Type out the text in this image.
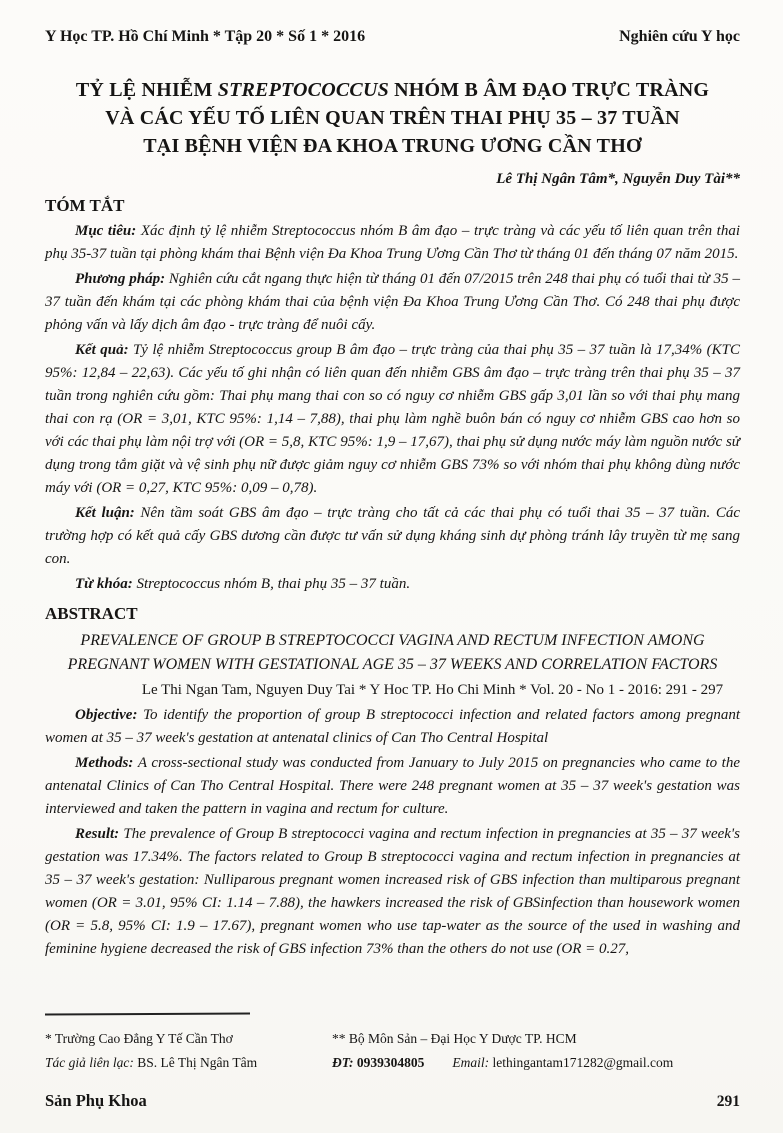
Y Học TP. Hồ Chí Minh * Tập 20 * Số 1 * 2016	Nghiên cứu Y học
TỶ LỆ NHIỄM STREPTOCOCCUS NHÓM B ÂM ĐẠO TRỰC TRÀNG
VÀ CÁC YẾU TỐ LIÊN QUAN TRÊN THAI PHỤ 35 – 37 TUẦN
TẠI BỆNH VIỆN ĐA KHOA TRUNG ƯƠNG CẦN THƠ
Lê Thị Ngân Tâm*, Nguyễn Duy Tài**
TÓM TẮT

Mục tiêu: Xác định tỷ lệ nhiễm Streptococcus nhóm B âm đạo – trực tràng và các yếu tố liên quan trên thai phụ 35-37 tuần tại phòng khám thai Bệnh viện Đa Khoa Trung Ương Cần Thơ từ tháng 01 đến tháng 07 năm 2015.

Phương pháp: Nghiên cứu cắt ngang thực hiện từ tháng 01 đến 07/2015 trên 248 thai phụ có tuổi thai từ 35 – 37 tuần đến khám tại các phòng khám thai của bệnh viện Đa Khoa Trung Ương Cần Thơ. Có 248 thai phụ được phỏng vấn và lấy dịch âm đạo - trực tràng để nuôi cấy.

Kết quả: Tỷ lệ nhiễm Streptococcus group B âm đạo – trực tràng của thai phụ 35 – 37 tuần là 17,34% (KTC 95%: 12,84 – 22,63). Các yếu tố ghi nhận có liên quan đến nhiễm GBS âm đạo – trực tràng trên thai phụ 35 – 37 tuần trong nghiên cứu gồm: Thai phụ mang thai con so có nguy cơ nhiễm GBS gấp 3,01 lần so với thai phụ mang thai con rạ (OR = 3,01, KTC 95%: 1,14 – 7,88), thai phụ làm nghề buôn bán có nguy cơ nhiễm GBS cao hơn so với các thai phụ làm nội trợ với (OR = 5,8, KTC 95%: 1,9 – 17,67), thai phụ sử dụng nước máy làm nguồn nước sử dụng trong tắm giặt và vệ sinh phụ nữ được giảm nguy cơ nhiễm GBS 73% so với nhóm thai phụ không dùng nước máy với (OR = 0,27, KTC 95%: 0,09 – 0,78).

Kết luận: Nên tầm soát GBS âm đạo – trực tràng cho tất cả các thai phụ có tuổi thai 35 – 37 tuần. Các trường hợp có kết quả cấy GBS dương cần được tư vấn sử dụng kháng sinh dự phòng tránh lây truyền từ mẹ sang con.

Từ khóa: Streptococcus nhóm B, thai phụ 35 – 37 tuần.

ABSTRACT
PREVALENCE OF GROUP B STREPTOCOCCI VAGINA AND RECTUM INFECTION AMONG
PREGNANT WOMEN WITH GESTATIONAL AGE 35 – 37 WEEKS AND CORRELATION FACTORS
Le Thi Ngan Tam, Nguyen Duy Tai * Y Hoc TP. Ho Chi Minh * Vol. 20 - No 1 - 2016: 291 - 297

Objective: To identify the proportion of group B streptococci infection and related factors among pregnant women at 35 – 37 week's gestation at antenatal clinics of Can Tho Central Hospital

Methods: A cross-sectional study was conducted from January to July 2015 on pregnancies who came to the antenatal Clinics of Can Tho Central Hospital. There were 248 pregnant women at 35 – 37 week's gestation was interviewed and taken the pattern in vagina and rectum for culture.

Result: The prevalence of Group B streptococci vagina and rectum infection in pregnancies at 35 – 37 week's gestation was 17.34%. The factors related to Group B streptococci vagina and rectum infection in pregnancies at 35 – 37 week's gestation: Nulliparous pregnant women increased risk of GBS infection than multiparous pregnant women (OR = 3.01, 95% CI: 1.14 – 7.88), the hawkers increased the risk of GBSinfection than housework women (OR = 5.8, 95% CI: 1.9 – 17.67), pregnant women who use tap-water as the source of the used in washing and feminine hygiene decreased the risk of GBS infection 73% than the others do not use (OR = 0.27,

* Trường Cao Đẳng Y Tế Cần Thơ	** Bộ Môn Sản – Đại Học Y Dược TP. HCM
Tác giả liên lạc: BS. Lê Thị Ngân Tâm	ĐT: 0939304805 Email: lethingantam171282@gmail.com
Sản Phụ Khoa	291
